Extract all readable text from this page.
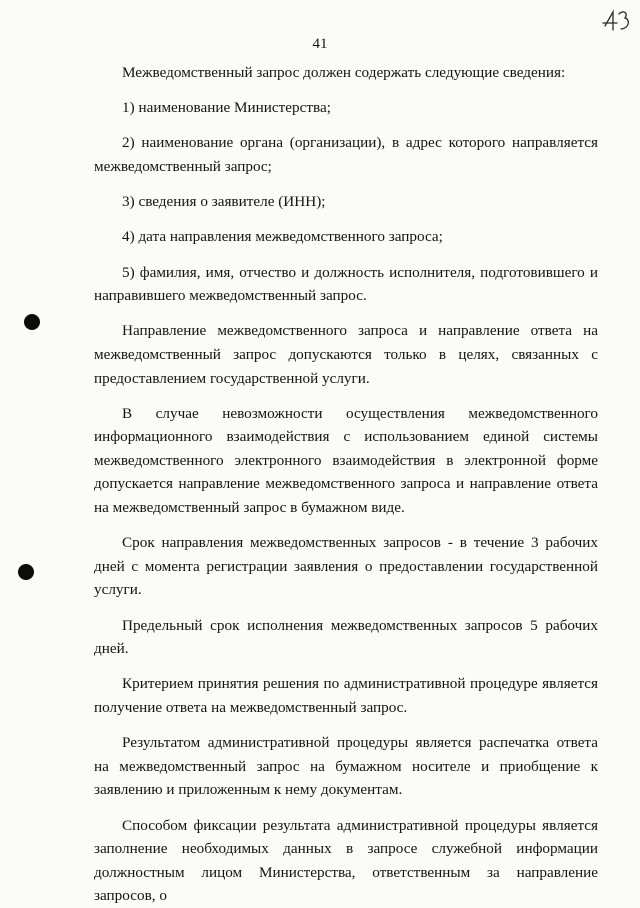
41

Межведомственный запрос должен содержать следующие сведения:

1) наименование Министерства;

2) наименование органа (организации), в адрес которого направляется межведомственный запрос;

3) сведения о заявителе (ИНН);

4) дата направления межведомственного запроса;

5) фамилия, имя, отчество и должность исполнителя, подготовившего и направившего межведомственный запрос.

Направление межведомственного запроса и направление ответа на межведомственный запрос допускаются только в целях, связанных с предоставлением государственной услуги.

В случае невозможности осуществления межведомственного информационного взаимодействия с использованием единой системы межведомственного электронного взаимодействия в электронной форме допускается направление межведомственного запроса и направление ответа на межведомственный запрос в бумажном виде.

Срок направления межведомственных запросов - в течение 3 рабочих дней с момента регистрации заявления о предоставлении государственной услуги.

Предельный срок исполнения межведомственных запросов 5 рабочих дней.

Критерием принятия решения по административной процедуре является получение ответа на межведомственный запрос.

Результатом административной процедуры является распечатка ответа на межведомственный запрос на бумажном носителе и приобщение к заявлению и приложенным к нему документам.

Способом фиксации результата административной процедуры является заполнение необходимых данных в запросе служебной информации должностным лицом Министерства, ответственным за направление запросов, о
